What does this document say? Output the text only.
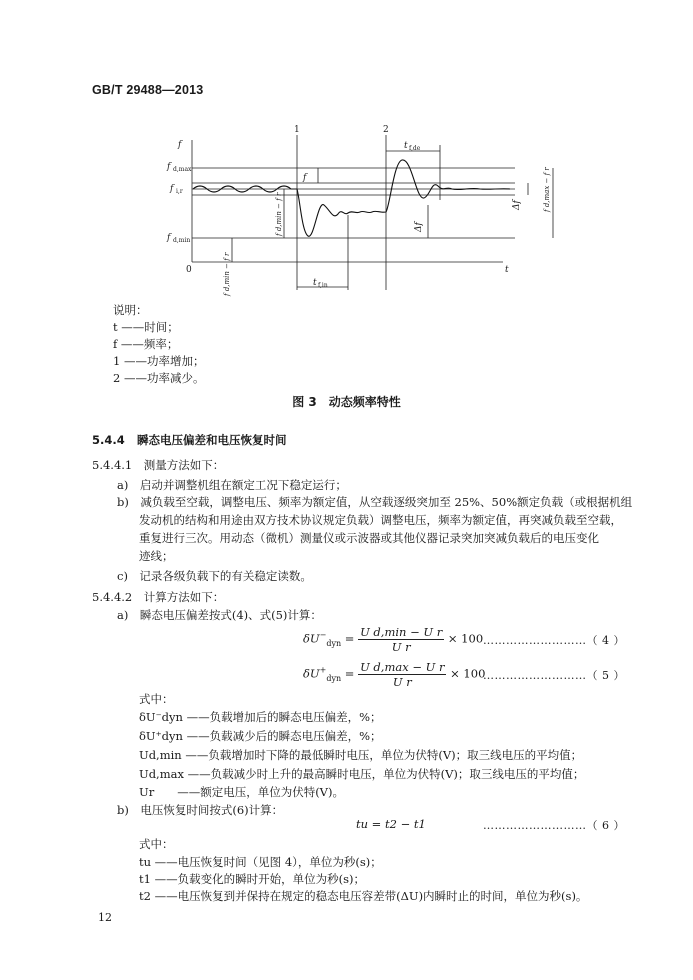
GB/T 29488—2013
1	2
f
f d,max
f i,r
f d,min
0	t
t f,de
t f,in
f
Δf
Δf
f d,min − f r
f d,min − f r
f d,max − f r
说明：
t ——时间；
f ——频率；
1 ——功率增加；
2 ——功率减少。
图 3　动态频率特性
5.4.4 瞬态电压偏差和电压恢复时间
5.4.4.1　测量方法如下：
a)　启动并调整机组在额定工况下稳定运行；
b)　减负载至空载，调整电压、频率为额定值，从空载逐级突加至 25%、50%额定负载（或根据机组
发动机的结构和用途由双方技术协议规定负载）调整电压，频率为额定值，再突减负载至空载，
重复进行三次。用动态（微机）测量仪或示波器或其他仪器记录突加突减负载后的电压变化
迹线；
c)　记录各级负载下的有关稳定读数。
5.4.4.2　计算方法如下：
a)　瞬态电压偏差按式(4)、式(5)计算：
$\delta U^-_{dyn} = \frac{\text{U d,min − U r}}{\text{U r}} \times 100$ ………………………（ 4 ）
$\delta U^+_{dyn} = \frac{\text{U d,max − U r}}{\text{U r}} \times 100$
………………………（ 5 ）
式中：
δU⁻dyn ——负载增加后的瞬态电压偏差，%；
δU⁺dyn ——负载减少后的瞬态电压偏差，%；
Ud,min ——负载增加时下降的最低瞬时电压，单位为伏特(V)；取三线电压的平均值；
Ud,max ——负载减少时上升的最高瞬时电压，单位为伏特(V)；取三线电压的平均值；
Ur　　——额定电压，单位为伏特(V)。
b)　电压恢复时间按式(6)计算：
tu = t2 − t1	………………………（ 6 ）
式中：
tu ——电压恢复时间（见图 4），单位为秒(s)；
t1 ——负载变化的瞬时开始，单位为秒(s)；
t2 ——电压恢复到并保持在规定的稳态电压容差带(ΔU)内瞬时止的时间，单位为秒(s)。
12
